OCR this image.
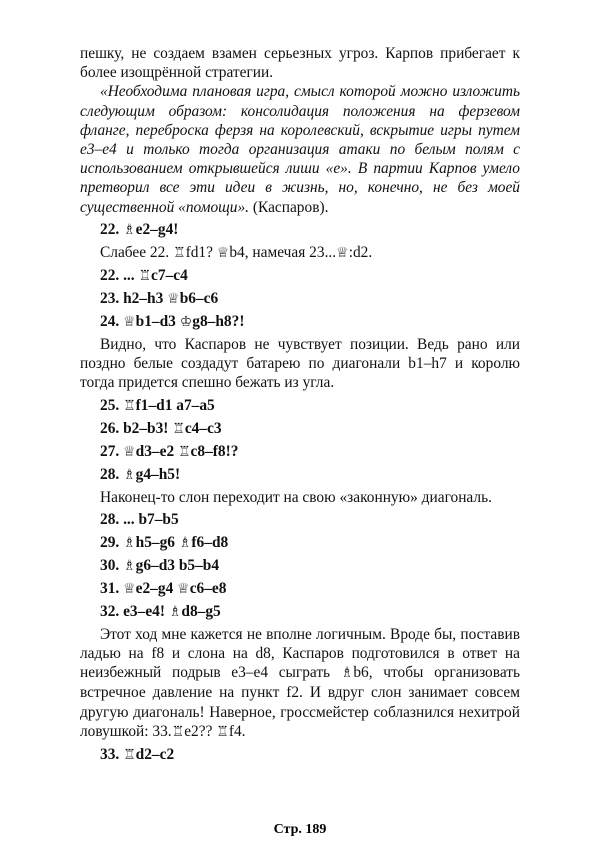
пешку, не создаем взамен серьезных угроз. Карпов прибегает к более изощрённой стратегии.

«Необходима плановая игра, смысл которой можно изложить следующим образом: консолидация положения на ферзевом фланге, переброска ферзя на королевский, вскрытие игры путем e3–e4 и только тогда организация атаки по белым полям с использованием открывшейся лиши «е». В партии Карпов умело претворил все эти идеи в жизнь, но, конечно, не без моей существенной «помощи». (Каспаров).

22. ♗e2–g4!

Слабее 22. ♖fd1? ♕b4, намечая 23...♕:d2.

22. ... ♖c7–c4
23. h2–h3 ♕b6–c6
24. ♕b1–d3 ♔g8–h8?!

Видно, что Каспаров не чувствует позиции. Ведь рано или поздно белые создадут батарею по диагонали b1–h7 и королю тогда придется спешно бежать из угла.

25. ♖f1–d1 a7–a5
26. b2–b3! ♖c4–c3
27. ♕d3–e2 ♖c8–f8!?
28. ♗g4–h5!

Наконец-то слон переходит на свою «законную» диагональ.

28. ... b7–b5
29. ♗h5–g6 ♗f6–d8
30. ♗g6–d3 b5–b4
31. ♕e2–g4 ♕c6–e8
32. e3–e4! ♗d8–g5

Этот ход мне кажется не вполне логичным. Вроде бы, поставив ладью на f8 и слона на d8, Каспаров подготовился в ответ на неизбежный подрыв e3–e4 сыграть ♗b6, чтобы организовать встречное давление на пункт f2. И вдруг слон занимает совсем другую диагональ! Наверное, гроссмейстер соблазнился нехитрой ловушкой: 33.♖e2?? ♖f4.

33. ♖d2–c2
Стр. 189
